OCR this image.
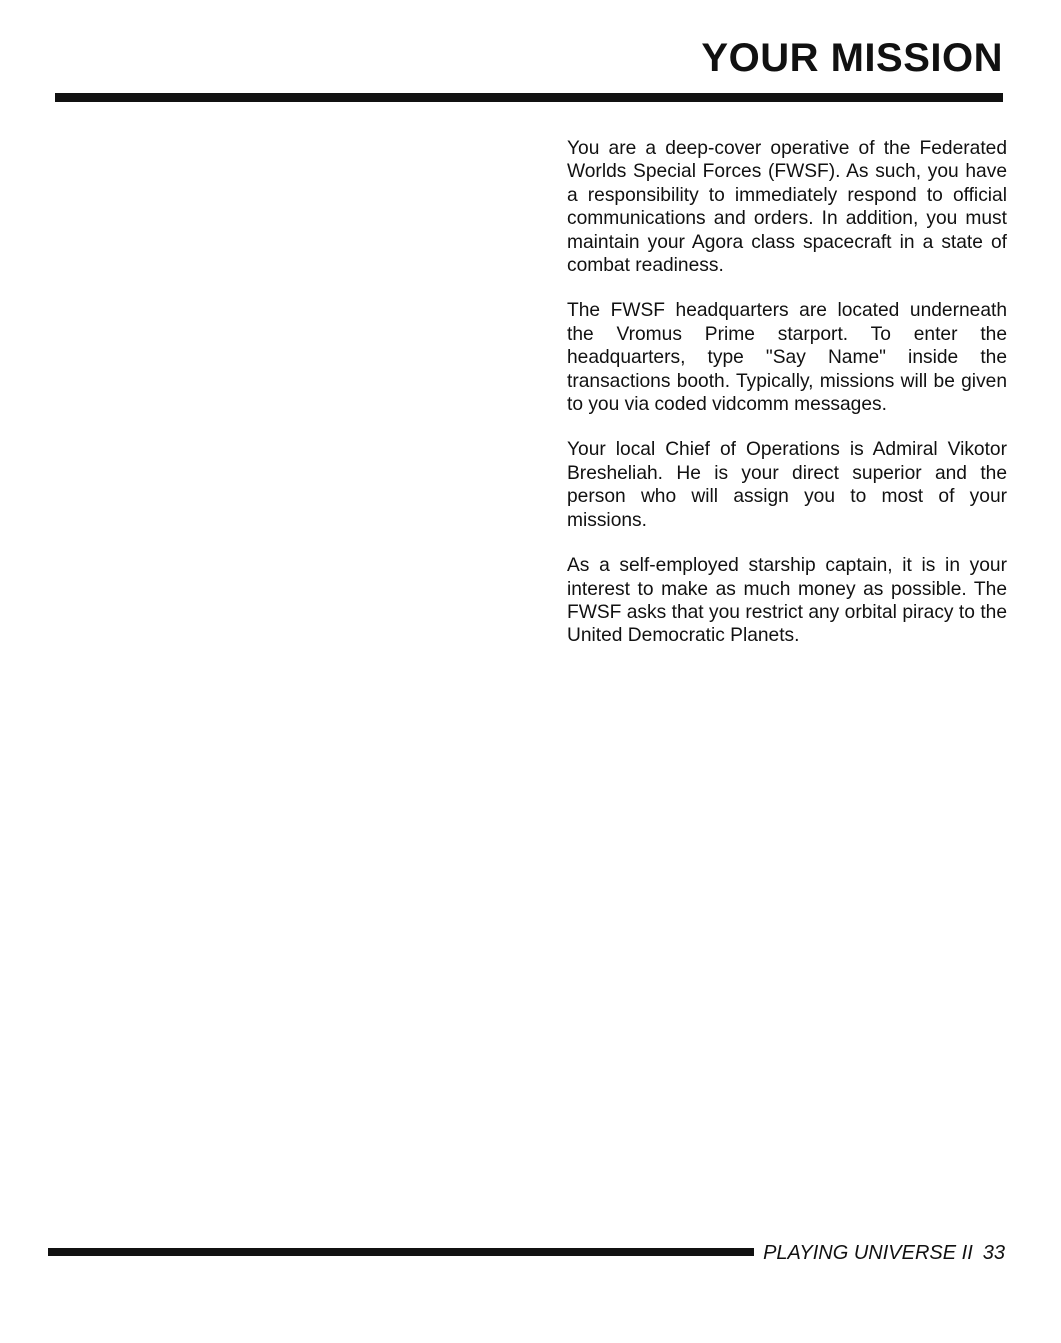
YOUR MISSION

You are a deep-cover operative of the Federated Worlds Special Forces (FWSF). As such, you have a responsibility to immediately respond to official communications and orders. In addition, you must maintain your Agora class spacecraft in a state of combat readiness.

The FWSF headquarters are located underneath the Vromus Prime starport. To enter the headquarters, type "Say Name" inside the transactions booth. Typically, missions will be given to you via coded vidcomm messages.

Your local Chief of Operations is Admiral Vikotor Bresheliah. He is your direct superior and the person who will assign you to most of your missions.

As a self-employed starship captain, it is in your interest to make as much money as possible. The FWSF asks that you restrict any orbital piracy to the United Democratic Planets.

PLAYING UNIVERSE II 33
